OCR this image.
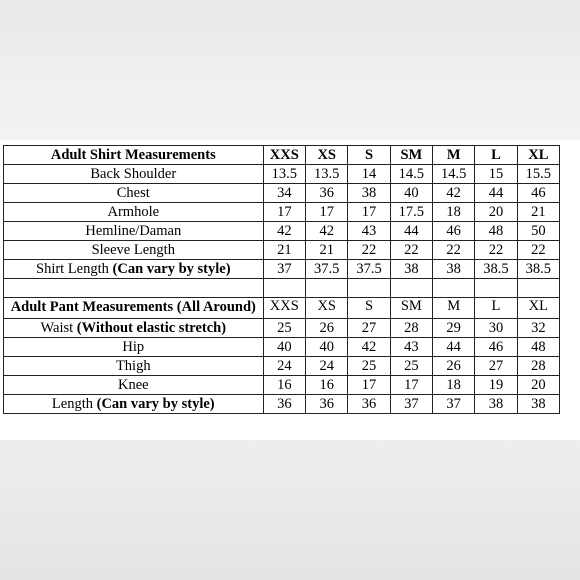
Adult Shirt Measurements	XXS	XS	S	SM	M	L	XL
Back Shoulder	13.5	13.5	14	14.5	14.5	15	15.5
Chest	34	36	38	40	42	44	46
Armhole	17	17	17	17.5	18	20	21
Hemline/Daman	42	42	43	44	46	48	50
Sleeve Length	21	21	22	22	22	22	22
Shirt Length (Can vary by style)	37	37.5	37.5	38	38	38.5	38.5

Adult Pant Measurements (All Around)	XXS	XS	S	SM	M	L	XL
Waist (Without elastic stretch)	25	26	27	28	29	30	32
Hip	40	40	42	43	44	46	48
Thigh	24	24	25	25	26	27	28
Knee	16	16	17	17	18	19	20
Length (Can vary by style)	36	36	36	37	37	38	38
